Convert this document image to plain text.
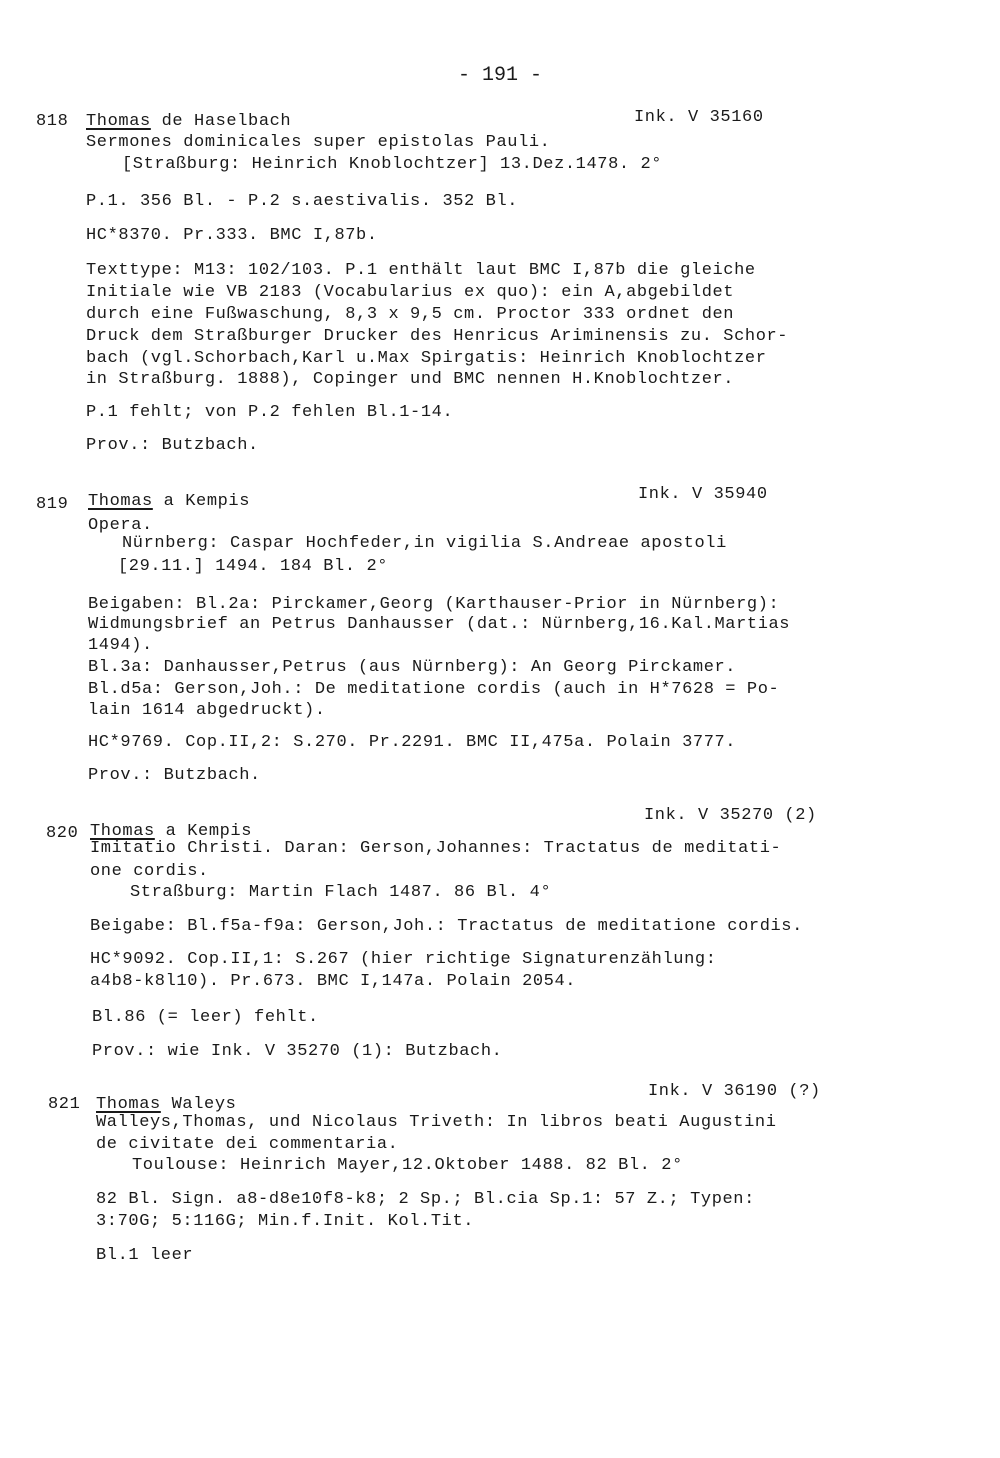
- 191 -
818 Thomas de Haselbach	Ink. V 35160
Sermones dominicales super epistolas Pauli.
[Straßburg: Heinrich Knoblochtzer] 13.Dez.1478. 2°
P.1. 356 Bl. - P.2 s.aestivalis. 352 Bl.
HC*8370. Pr.333. BMC I,87b.
Texttype: M13: 102/103. P.1 enthält laut BMC I,87b die gleiche
Initiale wie VB 2183 (Vocabularius ex quo): ein A,abgebildet
durch eine Fußwaschung, 8,3 x 9,5 cm. Proctor 333 ordnet den
Druck dem Straßburger Drucker des Henricus Ariminensis zu. Schor-
bach (vgl.Schorbach,Karl u.Max Spirgatis: Heinrich Knoblochtzer
in Straßburg. 1888), Copinger und BMC nennen H.Knoblochtzer.
P.1 fehlt; von P.2 fehlen Bl.1-14.
Prov.: Butzbach.
819 Thomas a Kempis	Ink. V 35940
Opera.
Nürnberg: Caspar Hochfeder,in vigilia S.Andreae apostoli
[29.11.] 1494. 184 Bl. 2°
Beigaben: Bl.2a: Pirckamer,Georg (Karthauser-Prior in Nürnberg):
Widmungsbrief an Petrus Danhausser (dat.: Nürnberg,16.Kal.Martias
1494).
Bl.3a: Danhausser,Petrus (aus Nürnberg): An Georg Pirckamer.
Bl.d5a: Gerson,Joh.: De meditatione cordis (auch in H*7628 = Po-
lain 1614 abgedruckt).
HC*9769. Cop.II,2: S.270. Pr.2291. BMC II,475a. Polain 3777.
Prov.: Butzbach.
820 Thomas a Kempis
Ink. V 35270 (2)
Imitatio Christi. Daran: Gerson,Johannes: Tractatus de meditati-
one cordis.
Straßburg: Martin Flach 1487. 86 Bl. 4°
Beigabe: Bl.f5a-f9a: Gerson,Joh.: Tractatus de meditatione cordis.
HC*9092. Cop.II,1: S.267 (hier richtige Signaturenzählung:
a4b8-k8l10). Pr.673. BMC I,147a. Polain 2054.
Bl.86 (= leer) fehlt.
Prov.: wie Ink. V 35270 (1): Butzbach.
821 Thomas Waleys
Ink. V 36190 (?)
Walleys,Thomas, und Nicolaus Triveth: In libros beati Augustini
de civitate dei commentaria.
Toulouse: Heinrich Mayer,12.Oktober 1488. 82 Bl. 2°
82 Bl. Sign. a8-d8e10f8-k8; 2 Sp.; Bl.cia Sp.1: 57 Z.; Typen:
3:70G; 5:116G; Min.f.Init. Kol.Tit.
Bl.1 leer
